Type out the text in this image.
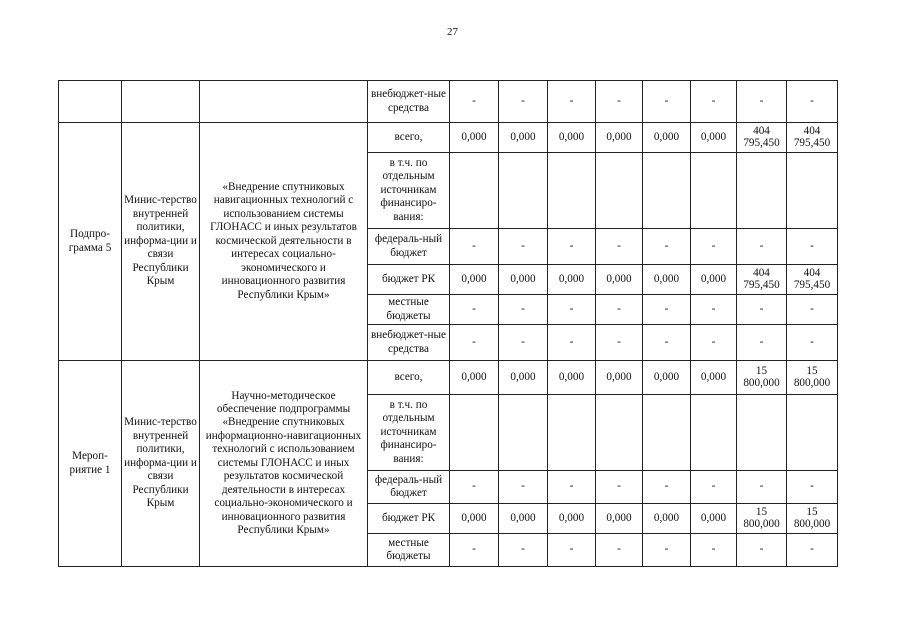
27
			внебюджет-ные средства	-	-	-	-	-	-	-	-
Подпро-грамма 5	Минис-терство внутренней политики, информа-ции и связи Республики Крым	«Внедрение спутниковых навигационных технологий с использованием системы ГЛОНАСС и иных результатов космической деятельности в интересах социально-экономического и инновационного развития Республики Крым»	всего,	0,000	0,000	0,000	0,000	0,000	0,000	404 795,450	404 795,450
			в т.ч. по отдельным источникам финансиро-вания:								
			федераль-ный бюджет	-	-	-	-	-	-	-	-
			бюджет РК	0,000	0,000	0,000	0,000	0,000	0,000	404 795,450	404 795,450
			местные бюджеты	-	-	-	-	-	-	-	-
			внебюджет-ные средства	-	-	-	-	-	-	-	-
Мероп-риятие 1	Минис-терство внутренней политики, информа-ции и связи Республики Крым	Научно-методическое обеспечение подпрограммы «Внедрение спутниковых информационно-навигационных технологий с использованием системы ГЛОНАСС и иных результатов космической деятельности в интересах социально-экономического и инновационного развития Республики Крым»	всего,	0,000	0,000	0,000	0,000	0,000	0,000	15 800,000	15 800,000
			в т.ч. по отдельным источникам финансиро-вания:								
			федераль-ный бюджет	-	-	-	-	-	-	-	-
			бюджет РК	0,000	0,000	0,000	0,000	0,000	0,000	15 800,000	15 800,000
			местные бюджеты	-	-	-	-	-	-	-	-
